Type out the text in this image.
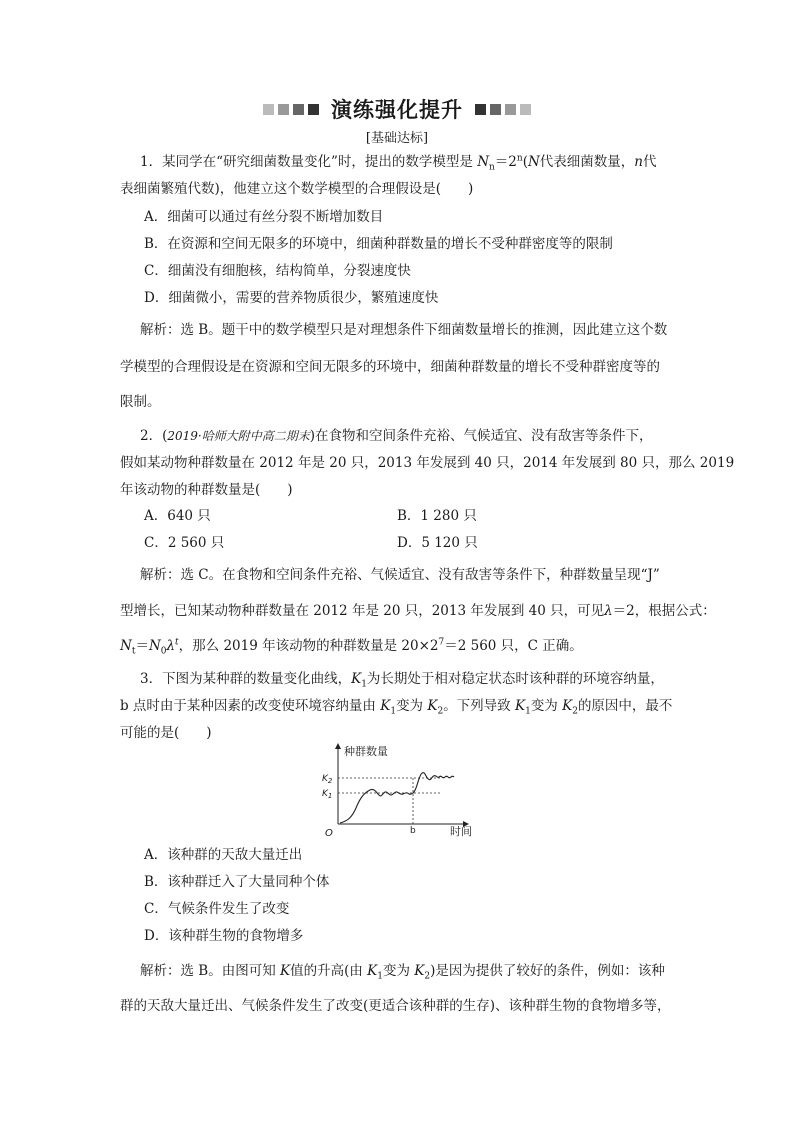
演练强化提升
[基础达标]
1．某同学在“研究细菌数量变化”时，提出的数学模型是 $N_n=2^n(N$代表细菌数量，n代
表细菌繁殖代数)，他建立这个数学模型的合理假设是(　　)
A．细菌可以通过有丝分裂不断增加数目
B．在资源和空间无限多的环境中，细菌种群数量的增长不受种群密度等的限制
C．细菌没有细胞核，结构简单，分裂速度快
D．细菌微小，需要的营养物质很少，繁殖速度快
解析：选 B。题干中的数学模型只是对理想条件下细菌数量增长的推测，因此建立这个数
学模型的合理假设是在资源和空间无限多的环境中，细菌种群数量的增长不受种群密度等的
限制。
2．(2019·哈师大附中高二期末)在食物和空间条件充裕、气候适宜、没有敌害等条件下，
假如某动物种群数量在 2012 年是 20 只，2013 年发展到 40 只，2014 年发展到 80 只，那么 2019
年该动物的种群数量是(　　)
A．640 只	B．1 280 只
C．2 560 只	D．5 120 只
解析：选 C。在食物和空间条件充裕、气候适宜、没有敌害等条件下，种群数量呈现“J”
型增长，已知某动物种群数量在 2012 年是 20 只，2013 年发展到 40 只，可见λ＝2，根据公式：
$N_t=N_0\lambda^t$，那么 2019 年该动物的种群数量是 $20\times 2^7=2$ 560 只，C 正确。
3．下图为某种群的数量变化曲线，$K_1$为长期处于相对稳定状态时该种群的环境容纳量，
b 点时由于某种因素的改变使环境容纳量由 $K_1$变为 $K_2$。下列导致 $K_1$变为 $K_2$的原因中，最不
可能的是(　　)
种群数量
时间
O
$K_2$
$K_1$
b
A．该种群的天敌大量迁出
B．该种群迁入了大量同种个体
C．气候条件发生了改变
D．该种群生物的食物增多
解析：选 B。由图可知 K值的升高(由 $K_1$变为 $K_2$)是因为提供了较好的条件，例如：该种
群的天敌大量迁出、气候条件发生了改变(更适合该种群的生存)、该种群生物的食物增多等，
